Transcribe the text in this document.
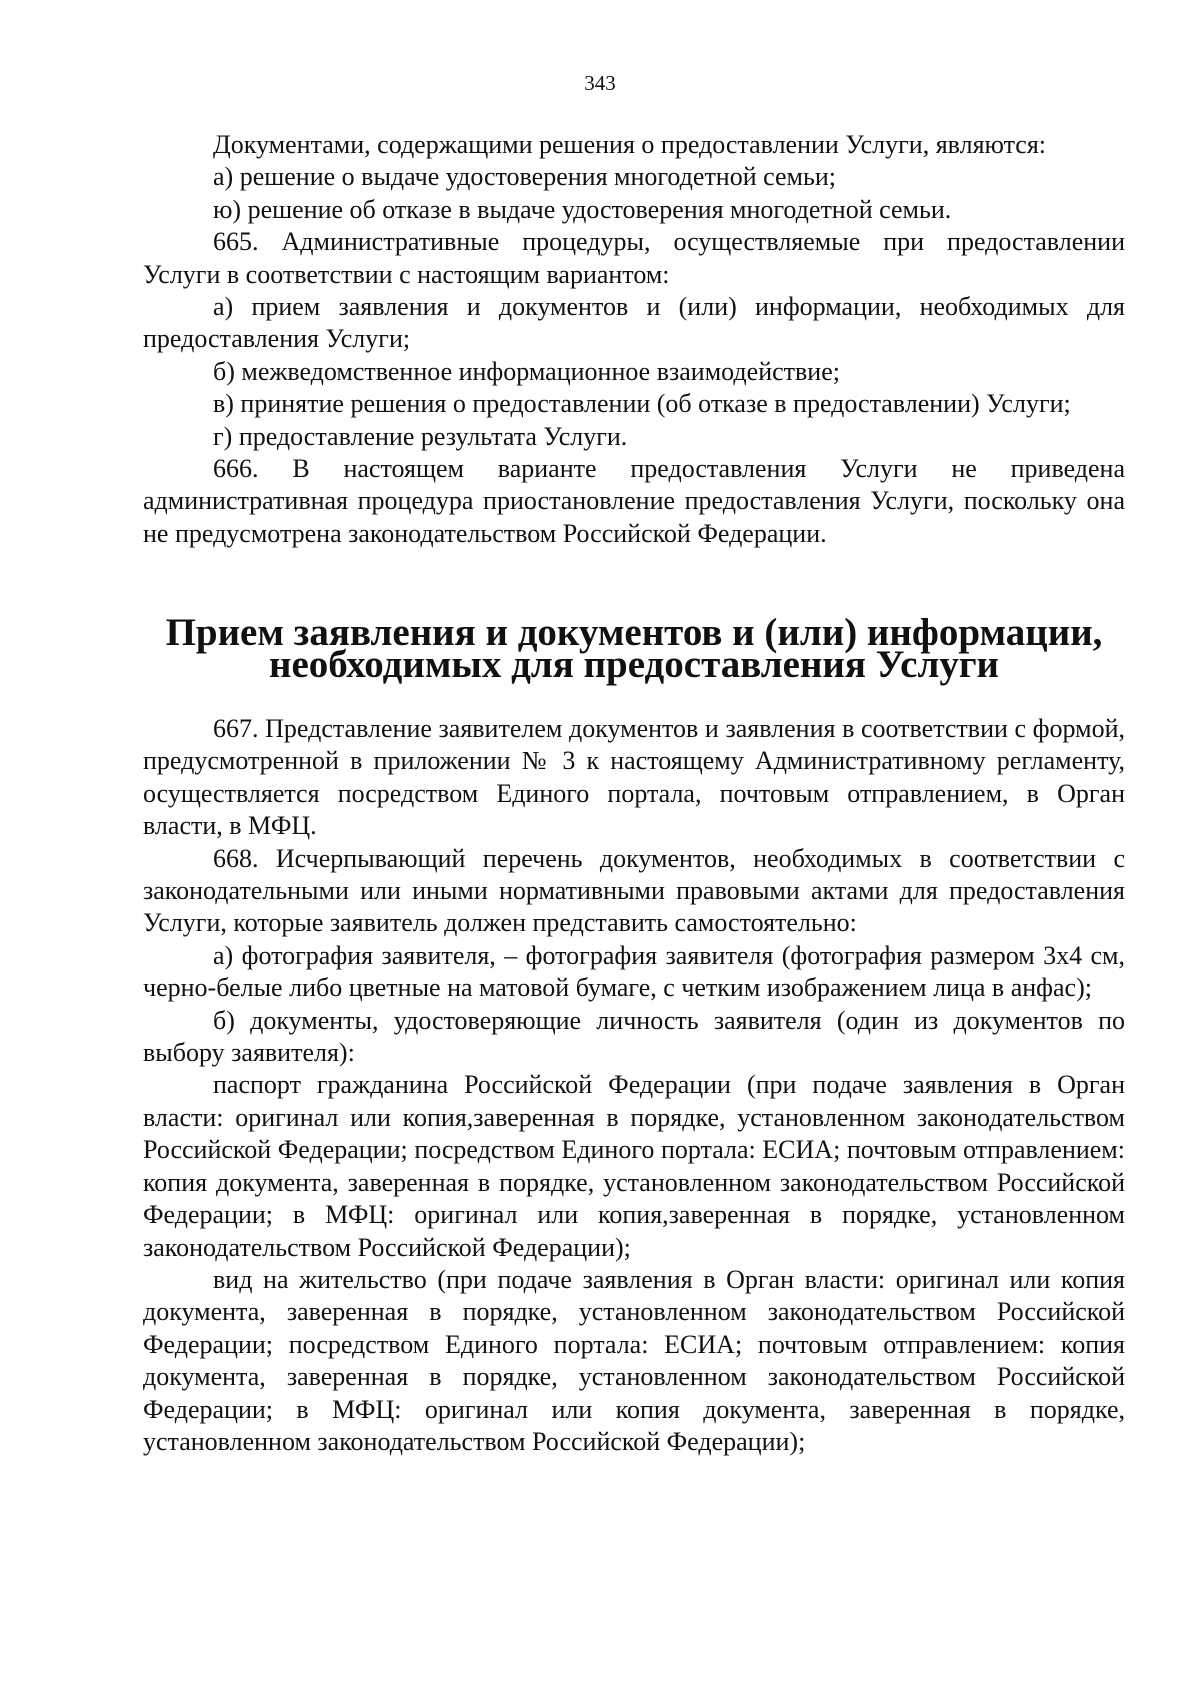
343

Документами, содержащими решения о предоставлении Услуги, являются:

а) решение о выдаче удостоверения многодетной семьи;

ю) решение об отказе в выдаче удостоверения многодетной семьи.

665. Административные процедуры, осуществляемые при предоставлении Услуги в соответствии с настоящим вариантом:

а) прием заявления и документов и (или) информации, необходимых для предоставления Услуги;

б) межведомственное информационное взаимодействие;

в) принятие решения о предоставлении (об отказе в предоставлении) Услуги;

г) предоставление результата Услуги.

666. В настоящем варианте предоставления Услуги не приведена административная процедура приостановление предоставления Услуги, поскольку она не предусмотрена законодательством Российской Федерации.

Прием заявления и документов и (или) информации, необходимых для предоставления Услуги

667. Представление заявителем документов и заявления в соответствии с формой, предусмотренной в приложении № 3 к настоящему Административному регламенту, осуществляется посредством Единого портала, почтовым отправлением, в Орган власти, в МФЦ.

668. Исчерпывающий перечень документов, необходимых в соответствии с законодательными или иными нормативными правовыми актами для предоставления Услуги, которые заявитель должен представить самостоятельно:

а) фотография заявителя, – фотография заявителя (фотография размером 3х4 см, черно-белые либо цветные на матовой бумаге, с четким изображением лица в анфас);

б) документы, удостоверяющие личность заявителя (один из документов по выбору заявителя):

паспорт гражданина Российской Федерации (при подаче заявления в Орган власти: оригинал или копия,заверенная в порядке, установленном законодательством Российской Федерации; посредством Единого портала: ЕСИА; почтовым отправлением: копия документа, заверенная в порядке, установленном законодательством Российской Федерации; в МФЦ: оригинал или копия,заверенная в порядке, установленном законодательством Российской Федерации);

вид на жительство (при подаче заявления в Орган власти: оригинал или копия документа, заверенная в порядке, установленном законодательством Российской Федерации; посредством Единого портала: ЕСИА; почтовым отправлением: копия документа, заверенная в порядке, установленном законодательством Российской Федерации; в МФЦ: оригинал или копия документа, заверенная в порядке, установленном законодательством Российской Федерации);
